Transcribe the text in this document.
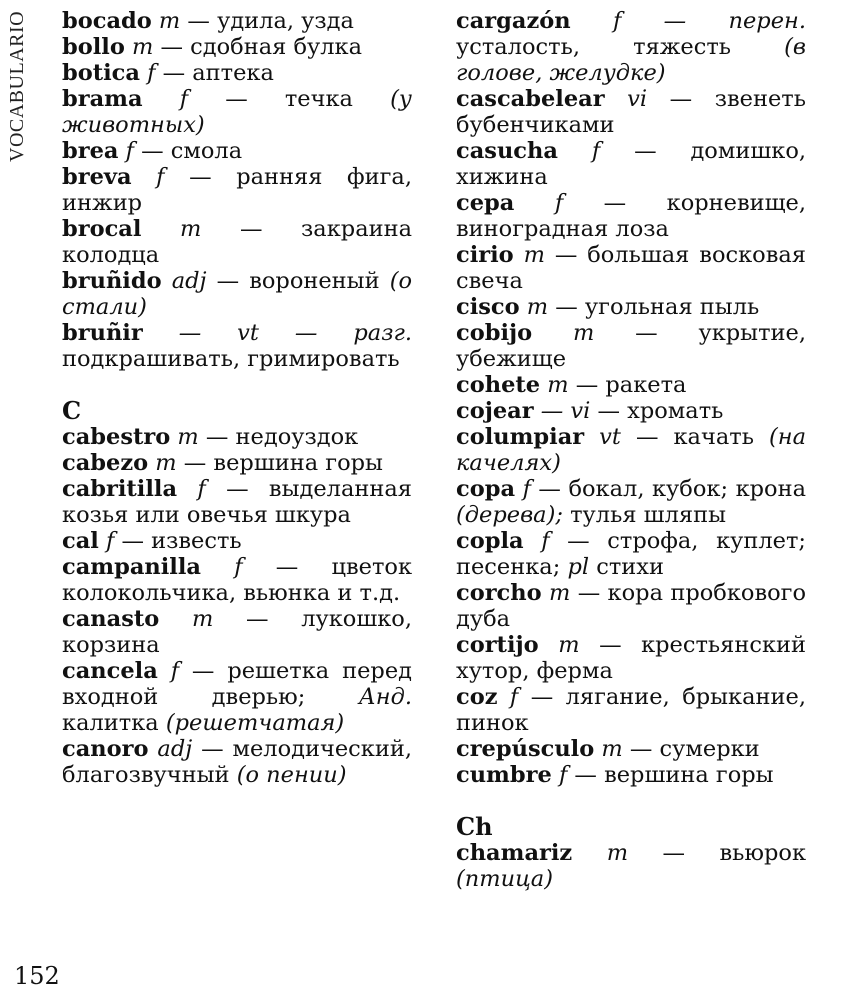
VOCABULARIO bocado m — удила, узда
bollo m — сдобная булка
botica f — аптека
brama f — течка (у животных)
brea f — смола
breva f — ранняя фига, инжир
brocal m — закраина колодца
bruñido adj — вороненый (о стали)
bruñir — vt — разг. подкрашивать, гримировать
C
cabestro m — недоуздок
cabezo m — вершина горы
cabritilla f — выделанная козья или овечья шкура
cal f — известь
campanilla f — цветок колокольчика, вьюнка и т.д.
canasto m — лукошко, корзина
cancela f — решетка перед входной дверью; Анд. калитка (решетчатая)
canoro adj — мелодический, благозвучный (о пении)
cargazón f — перен. усталость, тяжесть (в голове, желудке)
cascabelear vi — звенеть бубенчиками
casucha f — домишко, хижина
cepa f — корневище, виноградная лоза
cirio m — большая восковая свеча
cisco m — угольная пыль
cobijo m — укрытие, убежище
cohete m — ракета
cojear — vi — хромать
columpiar vt — качать (на качелях)
copa f — бокал, кубок; крона (дерева); тулья шляпы
copla f — строфа, куплет; песенка; pl стихи
corcho m — кора пробкового дуба
cortijo m — крестьянский хутор, ферма
coz f — лягание, брыкание, пинок
crepúsculo m — сумерки
cumbre f — вершина горы
Ch
chamariz m — вьюрок (птица)
152
